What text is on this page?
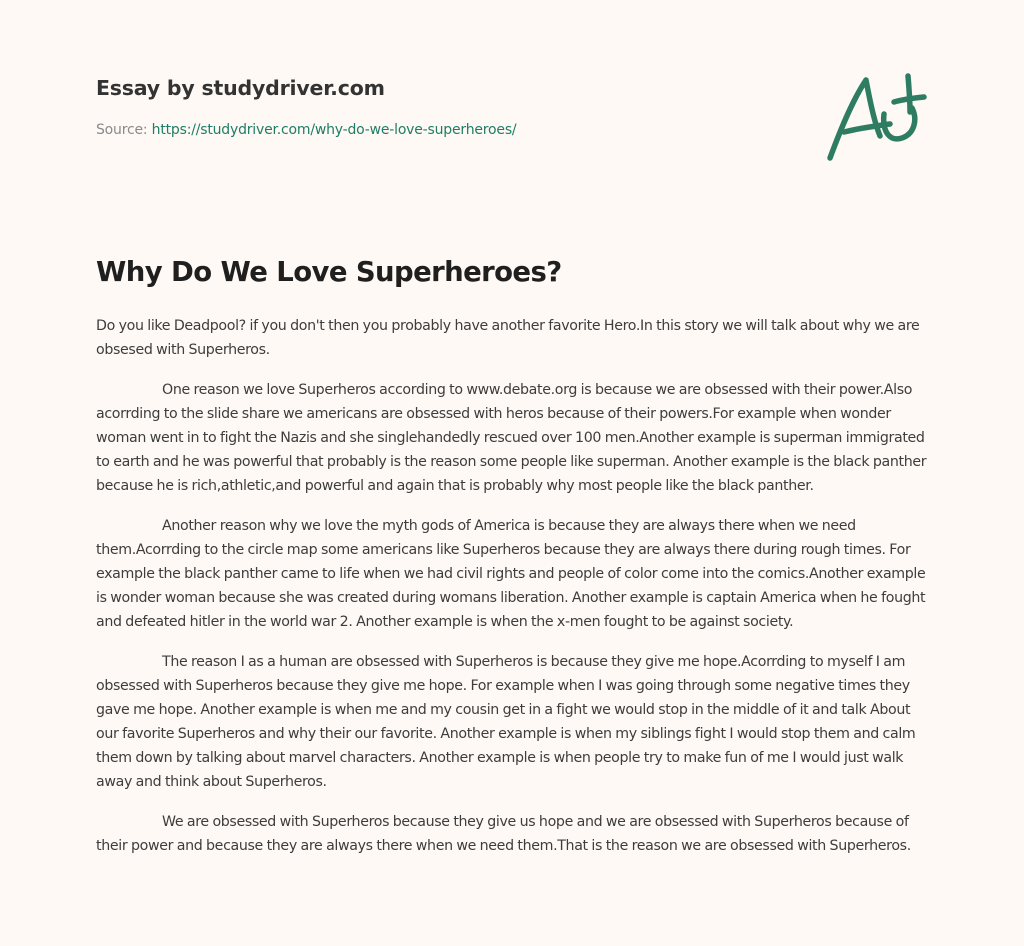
Essay by studydriver.com
Source: https://studydriver.com/why-do-we-love-superheroes/
Why Do We Love Superheroes?

Do you like Deadpool? if you don't then you probably have another favorite Hero.In this story we will talk about why we are obsesed with Superheros.

One reason we love Superheros according to www.debate.org is because we are obsessed with their power.Also acorrding to the slide share we americans are obsessed with heros because of their powers.For example when wonder woman went in to fight the Nazis and she singlehandedly rescued over 100 men.Another example is superman immigrated to earth and he was powerful that probably is the reason some people like superman. Another example is the black panther because he is rich,athletic,and powerful and again that is probably why most people like the black panther.

Another reason why we love the myth gods of America is because they are always there when we need them.Acorrding to the circle map some americans like Superheros because they are always there during rough times. For example the black panther came to life when we had civil rights and people of color come into the comics.Another example is wonder woman because she was created during womans liberation. Another example is captain America when he fought and defeated hitler in the world war 2. Another example is when the x-men fought to be against society.

The reason I as a human are obsessed with Superheros is because they give me hope.Acorrding to myself I am obsessed with Superheros because they give me hope. For example when I was going through some negative times they gave me hope. Another example is when me and my cousin get in a fight we would stop in the middle of it and talk About our favorite Superheros and why their our favorite. Another example is when my siblings fight I would stop them and calm them down by talking about marvel characters. Another example is when people try to make fun of me I would just walk away and think about Superheros.

We are obsessed with Superheros because they give us hope and we are obsessed with Superheros because of their power and because they are always there when we need them.That is the reason we are obsessed with Superheros.
